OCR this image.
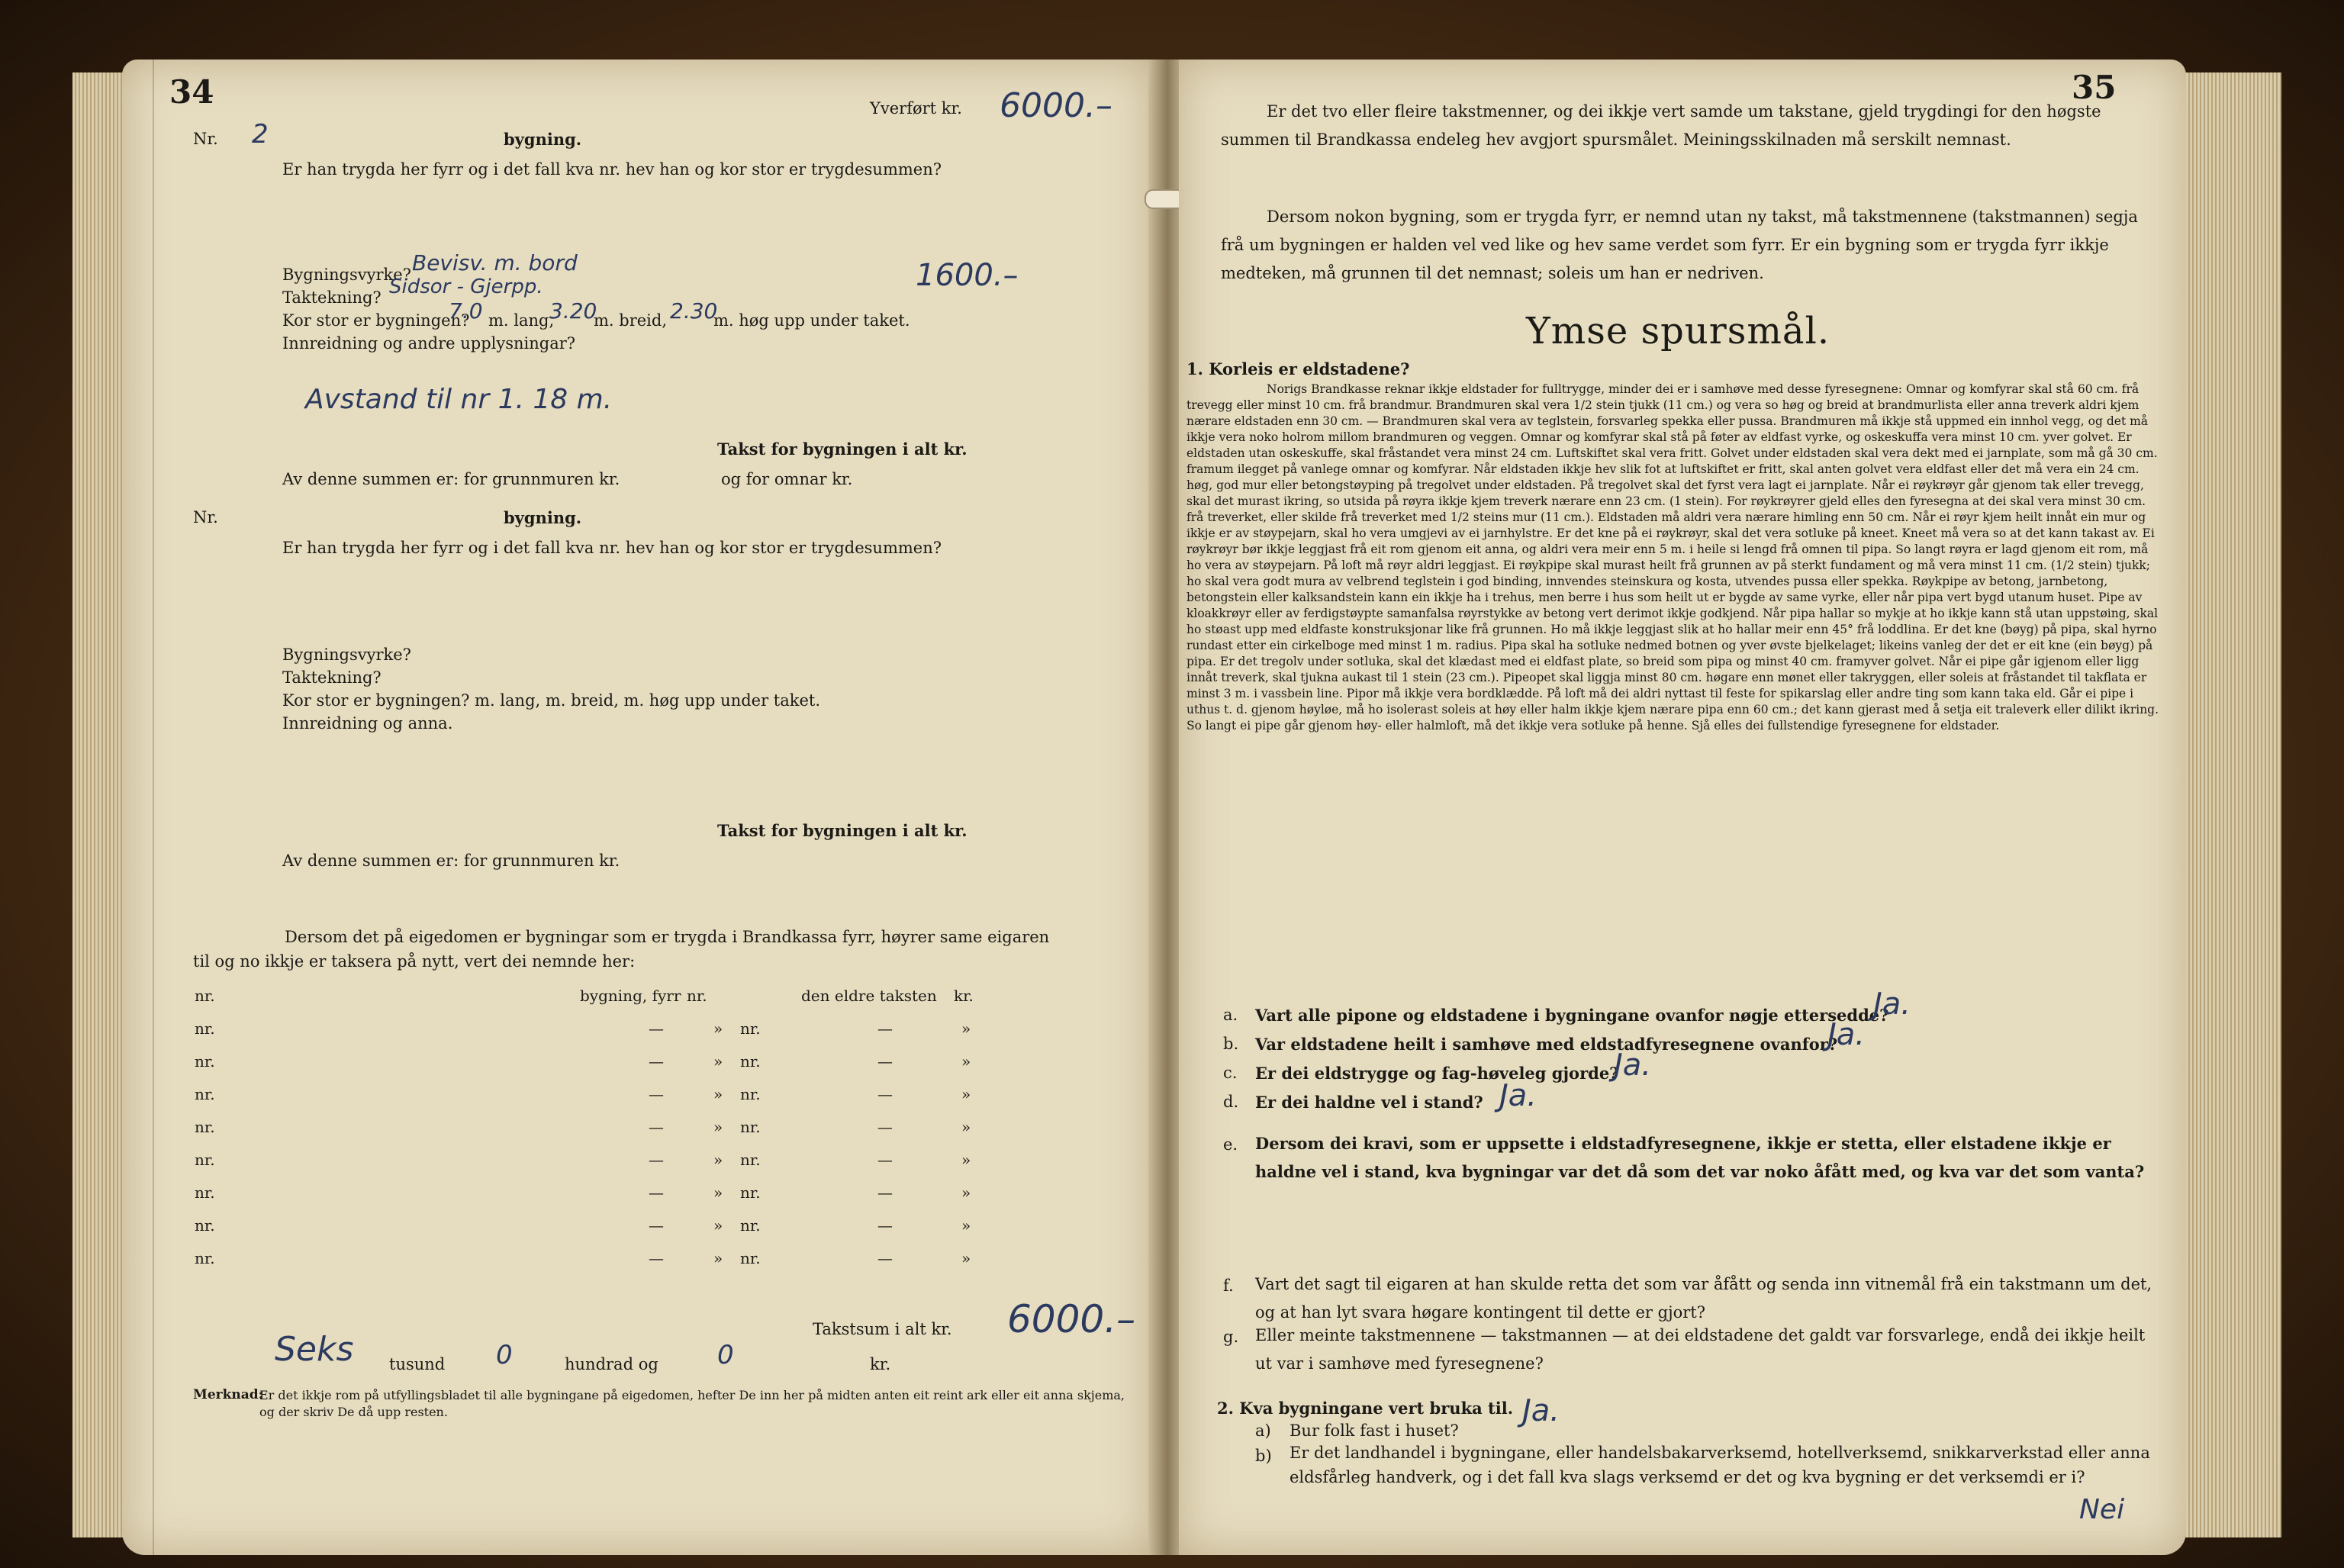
34	Yverført kr. 6000.–
Nr. 2	bygning.
Er han trygda her fyrr og i det fall kva nr. hev han og kor stor er trygdesummen?
Bygningsvyrke? Bevisv. m. bord	1600.–
Taktekning? Sidsor - Gjerpp.
Kor stor er bygningen?
7.0 m. lang,
3.20
m. breid, 2.30
m. høg upp under taket.
Innreidning og andre upplysningar?
Avstand til nr 1. 18 m.
Takst for bygningen i alt kr.
Av denne summen er: for grunnmuren kr.	og for omnar kr.
Nr.	bygning.
Er han trygda her fyrr og i det fall kva nr. hev han og kor stor er trygdesummen?
Bygningsvyrke?
Taktekning?
Kor stor er bygningen? m. lang, m. breid, m. høg upp under taket.
Innreidning og anna.
Takst for bygningen i alt kr.
Av denne summen er: for grunnmuren kr.
Dersom det på eigedomen er bygningar som er trygda i Brandkassa fyrr, høyrer same eigaren til og no ikkje er taksera på nytt, vert dei nemnde her:
nr.	bygning, fyrr nr.	den eldre taksten kr.
nr.	—	» nr.	—	»
nr.	—	» nr.	—	»
nr.	—	» nr.	—	»
nr.	—	» nr.	—	»
nr.	—	» nr.	—	»
nr.	—	» nr.	—	»
nr.	—	» nr.	—	»
nr.	—	» nr.	—	»
Takstsum i alt kr. 6000.–
Seks tusund 0	hundrad og 0	kr.
Merknad:
Er det ikkje rom på utfyllingsbladet til alle bygningane på eigedomen, hefter De inn her på midten anten eit reint ark eller eit anna skjema, og der skriv De då upp resten.
35
Er det tvo eller fleire takstmenner, og dei ikkje vert samde um takstane, gjeld trygdingi for den høgste summen til Brandkassa endeleg hev avgjort spursmålet. Meiningsskilnaden må serskilt nemnast.
Dersom nokon bygning, som er trygda fyrr, er nemnd utan ny takst, må takstmennene (takstmannen) segja frå um bygningen er halden vel ved like og hev same verdet som fyrr. Er ein bygning som er trygda fyrr ikkje medteken, må grunnen til det nemnast; soleis um han er nedriven.
Ymse spursmål.
1. Korleis er eldstadene?
Norigs Brandkasse reknar ikkje eldstader for fulltrygge, minder dei er i samhøve med desse fyresegnene: Omnar og komfyrar skal stå 60 cm. frå trevegg eller minst 10 cm. frå brandmur. Brandmuren skal vera 1/2 stein tjukk (11 cm.) og vera so høg og breid at brandmurlista eller anna treverk aldri kjem nærare eldstaden enn 30 cm. — Brandmuren skal vera av teglstein, forsvarleg spekka eller pussa. Brandmuren må ikkje stå uppmed ein innhol vegg, og det må ikkje vera noko holrom millom brandmuren og veggen. Omnar og komfyrar skal stå på føter av eldfast vyrke, og oskeskuffa vera minst 10 cm. yver golvet. Er eldstaden utan oskeskuffe, skal fråstandet vera minst 24 cm. Luftskiftet skal vera fritt. Golvet under eldstaden skal vera dekt med ei jarnplate, som må gå 30 cm. framum ilegget på vanlege omnar og komfyrar. Når eldstaden ikkje hev slik fot at luftskiftet er fritt, skal anten golvet vera eldfast eller det må vera ein 24 cm. høg, god mur eller betongstøyping på tregolvet under eldstaden. På tregolvet skal det fyrst vera lagt ei jarnplate. Når ei røykrøyr går gjenom tak eller trevegg, skal det murast ikring, so utsida på røyra ikkje kjem treverk nærare enn 23 cm. (1 stein). For røykrøyrer gjeld elles den fyresegna at dei skal vera minst 30 cm. frå treverket, eller skilde frå treverket med 1/2 steins mur (11 cm.). Eldstaden må aldri vera nærare himling enn 50 cm. Når ei røyr kjem heilt innåt ein mur og ikkje er av støypejarn, skal ho vera umgjevi av ei jarnhylstre. Er det kne på ei røykrøyr, skal det vera sotluke på kneet. Kneet må vera so at det kann takast av. Ei røykrøyr bør ikkje leggjast frå eit rom gjenom eit anna, og aldri vera meir enn 5 m. i heile si lengd frå omnen til pipa. So langt røyra er lagd gjenom eit rom, må ho vera av støypejarn. På loft må røyr aldri leggjast. Ei røykpipe skal murast heilt frå grunnen av på sterkt fundament og må vera minst 11 cm. (1/2 stein) tjukk; ho skal vera godt mura av velbrend teglstein i god binding, innvendes steinskura og kosta, utvendes pussa eller spekka. Røykpipe av betong, jarnbetong, betongstein eller kalksandstein kann ein ikkje ha i trehus, men berre i hus som heilt ut er bygde av same vyrke, eller når pipa vert bygd utanum huset. Pipe av kloakkrøyr eller av ferdigstøypte samanfalsa røyrstykke av betong vert derimot ikkje godkjend. Når pipa hallar so mykje at ho ikkje kann stå utan uppstøing, skal ho støast upp med eldfaste konstruksjonar like frå grunnen. Ho må ikkje leggjast slik at ho hallar meir enn 45° frå loddlina. Er det kne (bøyg) på pipa, skal hyrno rundast etter ein cirkelboge med minst 1 m. radius. Pipa skal ha sotluke nedmed botnen og yver øvste bjelkelaget; likeins vanleg der det er eit kne (ein bøyg) på pipa. Er det tregolv under sotluka, skal det klædast med ei eldfast plate, so breid som pipa og minst 40 cm. framyver golvet. Når ei pipe går igjenom eller ligg innåt treverk, skal tjukna aukast til 1 stein (23 cm.). Pipeopet skal liggja minst 80 cm. høgare enn mønet eller takryggen, eller soleis at fråstandet til takflata er minst 3 m. i vassbein line. Pipor må ikkje vera bordklædde. På loft må dei aldri nyttast til feste for spikarslag eller andre ting som kann taka eld. Går ei pipe i uthus t. d. gjenom høyløe, må ho isolerast soleis at høy eller halm ikkje kjem nærare pipa enn 60 cm.; det kann gjerast med å setja eit traleverk eller dilikt ikring. So langt ei pipe går gjenom høy- eller halmloft, må det ikkje vera sotluke på henne. Sjå elles dei fullstendige fyresegnene for eldstader.
a. Vart alle pipone og eldstadene i bygningane ovanfor nøgje ettersedde?
Ja.
b. Var eldstadene heilt i samhøve med eldstadfyresegnene ovanfor?
Ja.
c. Er dei eldstrygge og fag-høveleg gjorde?
Ja.
d. Er dei haldne vel i stand? Ja.
e. Dersom dei kravi, som er uppsette i eldstadfyresegnene, ikkje er stetta, eller elstadene ikkje er haldne vel i stand, kva bygningar var det då som det var noko åfått med, og kva var det som vanta?
f. Vart det sagt til eigaren at han skulde retta det som var åfått og senda inn vitnemål frå ein takstmann um det, og at han lyt svara høgare kontingent til dette er gjort?
g. Eller meinte takstmennene — takstmannen — at dei eldstadene det galdt var forsvarlege, endå dei ikkje heilt ut var i samhøve med fyresegnene?
2. Kva bygningane vert bruka til.
a) Bur folk fast i huset?
Ja.
b) Er det landhandel i bygningane, eller handelsbakarverksemd, hotellverksemd, snikkarverkstad eller anna eldsfårleg handverk, og i det fall kva slags verksemd er det og kva bygning er det verksemdi er i?
Nei
